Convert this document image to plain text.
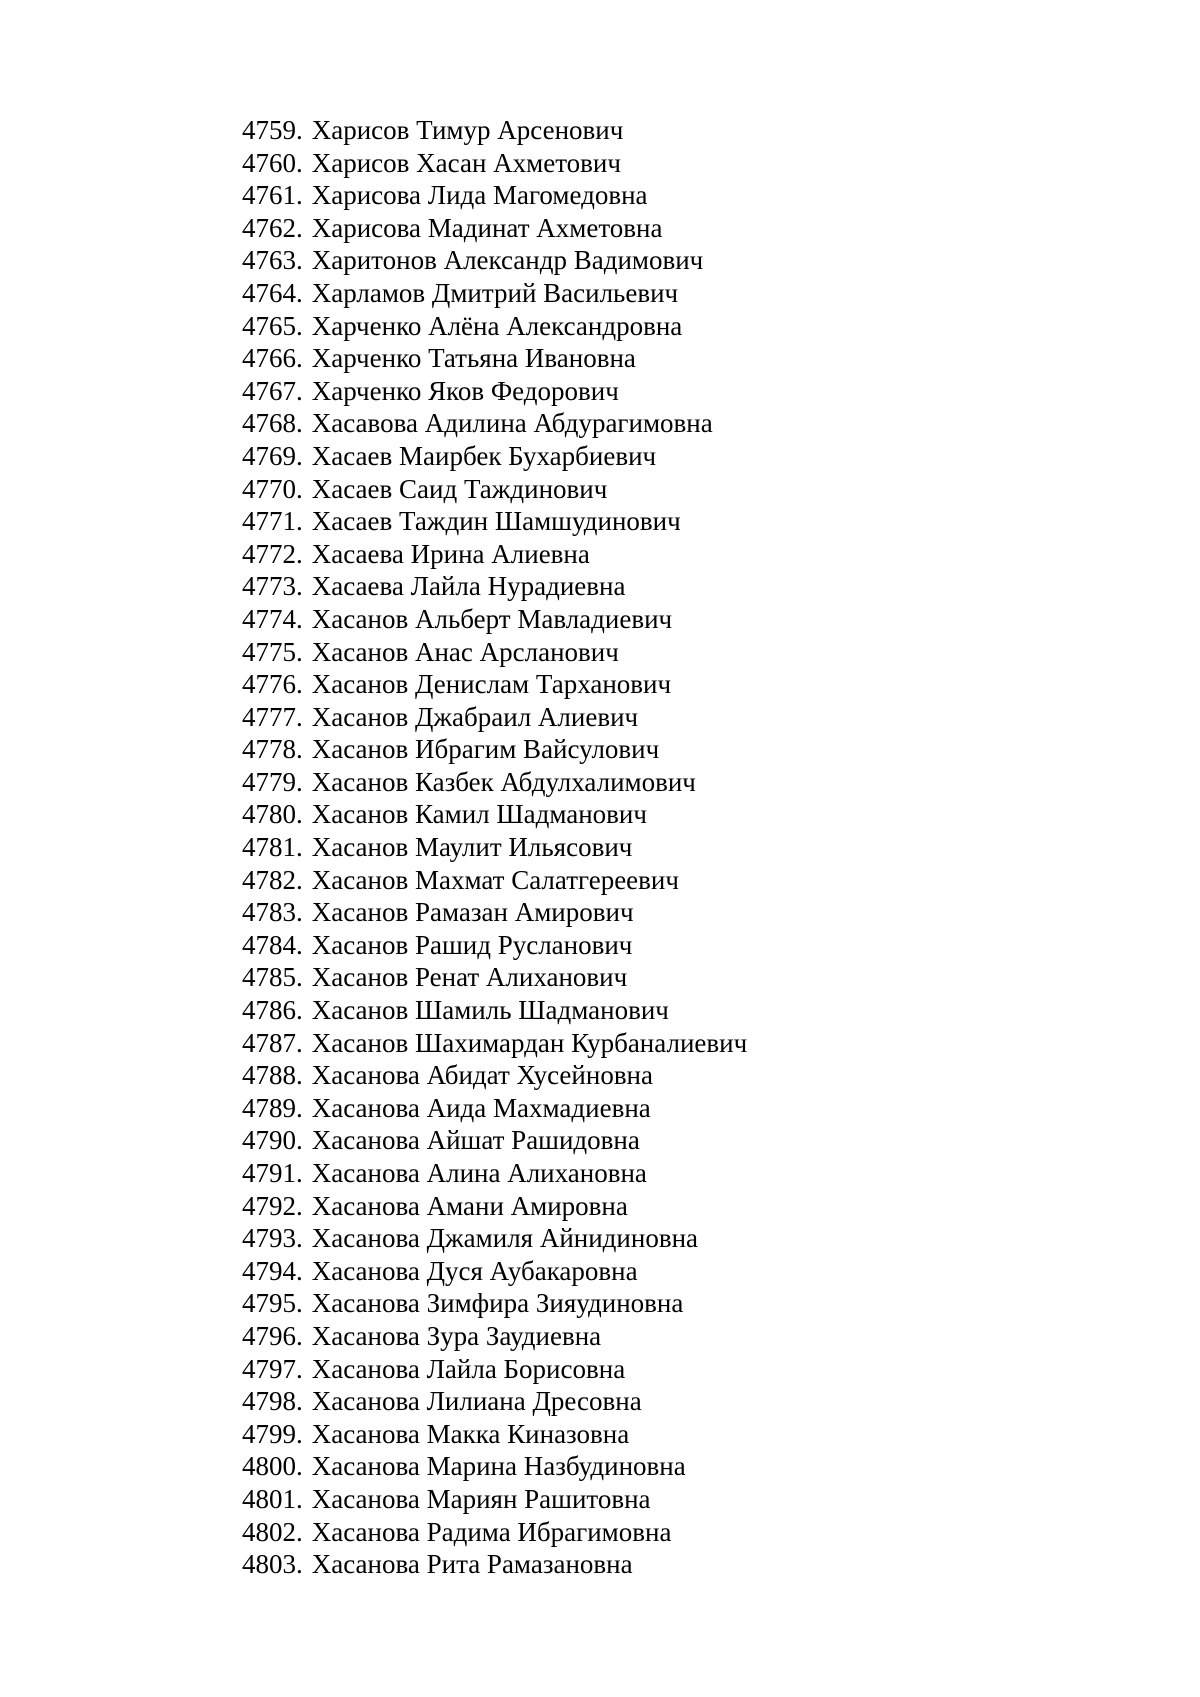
4759. Харисов Тимур Арсенович
4760. Харисов Хасан Ахметович
4761. Харисова Лида Магомедовна
4762. Харисова Мадинат Ахметовна
4763. Харитонов Александр Вадимович
4764. Харламов Дмитрий Васильевич
4765. Харченко Алёна Александровна
4766. Харченко Татьяна Ивановна
4767. Харченко Яков Федорович
4768. Хасавова Адилина Абдурагимовна
4769. Хасаев Маирбек Бухарбиевич
4770. Хасаев Саид Таждинович
4771. Хасаев Таждин Шамшудинович
4772. Хасаева Ирина Алиевна
4773. Хасаева Лайла Нурадиевна
4774. Хасанов Альберт Мавладиевич
4775. Хасанов Анас Арсланович
4776. Хасанов Денислам Тарханович
4777. Хасанов Джабраил Алиевич
4778. Хасанов Ибрагим Вайсулович
4779. Хасанов Казбек Абдулхалимович
4780. Хасанов Камил Шадманович
4781. Хасанов Маулит Ильясович
4782. Хасанов Махмат Салатгереевич
4783. Хасанов Рамазан Амирович
4784. Хасанов Рашид Русланович
4785. Хасанов Ренат Алиханович
4786. Хасанов Шамиль Шадманович
4787. Хасанов Шахимардан Курбаналиевич
4788. Хасанова Абидат Хусейновна
4789. Хасанова Аида Махмадиевна
4790. Хасанова Айшат Рашидовна
4791. Хасанова Алина Алихановна
4792. Хасанова Амани Амировна
4793. Хасанова Джамиля Айнидиновна
4794. Хасанова Дуся Аубакаровна
4795. Хасанова Зимфира Зияудиновна
4796. Хасанова Зура Заудиевна
4797. Хасанова Лайла Борисовна
4798. Хасанова Лилиана Дресовна
4799. Хасанова Макка Киназовна
4800. Хасанова Марина Назбудиновна
4801. Хасанова Мариян Рашитовна
4802. Хасанова Радима Ибрагимовна
4803. Хасанова Рита Рамазановна
